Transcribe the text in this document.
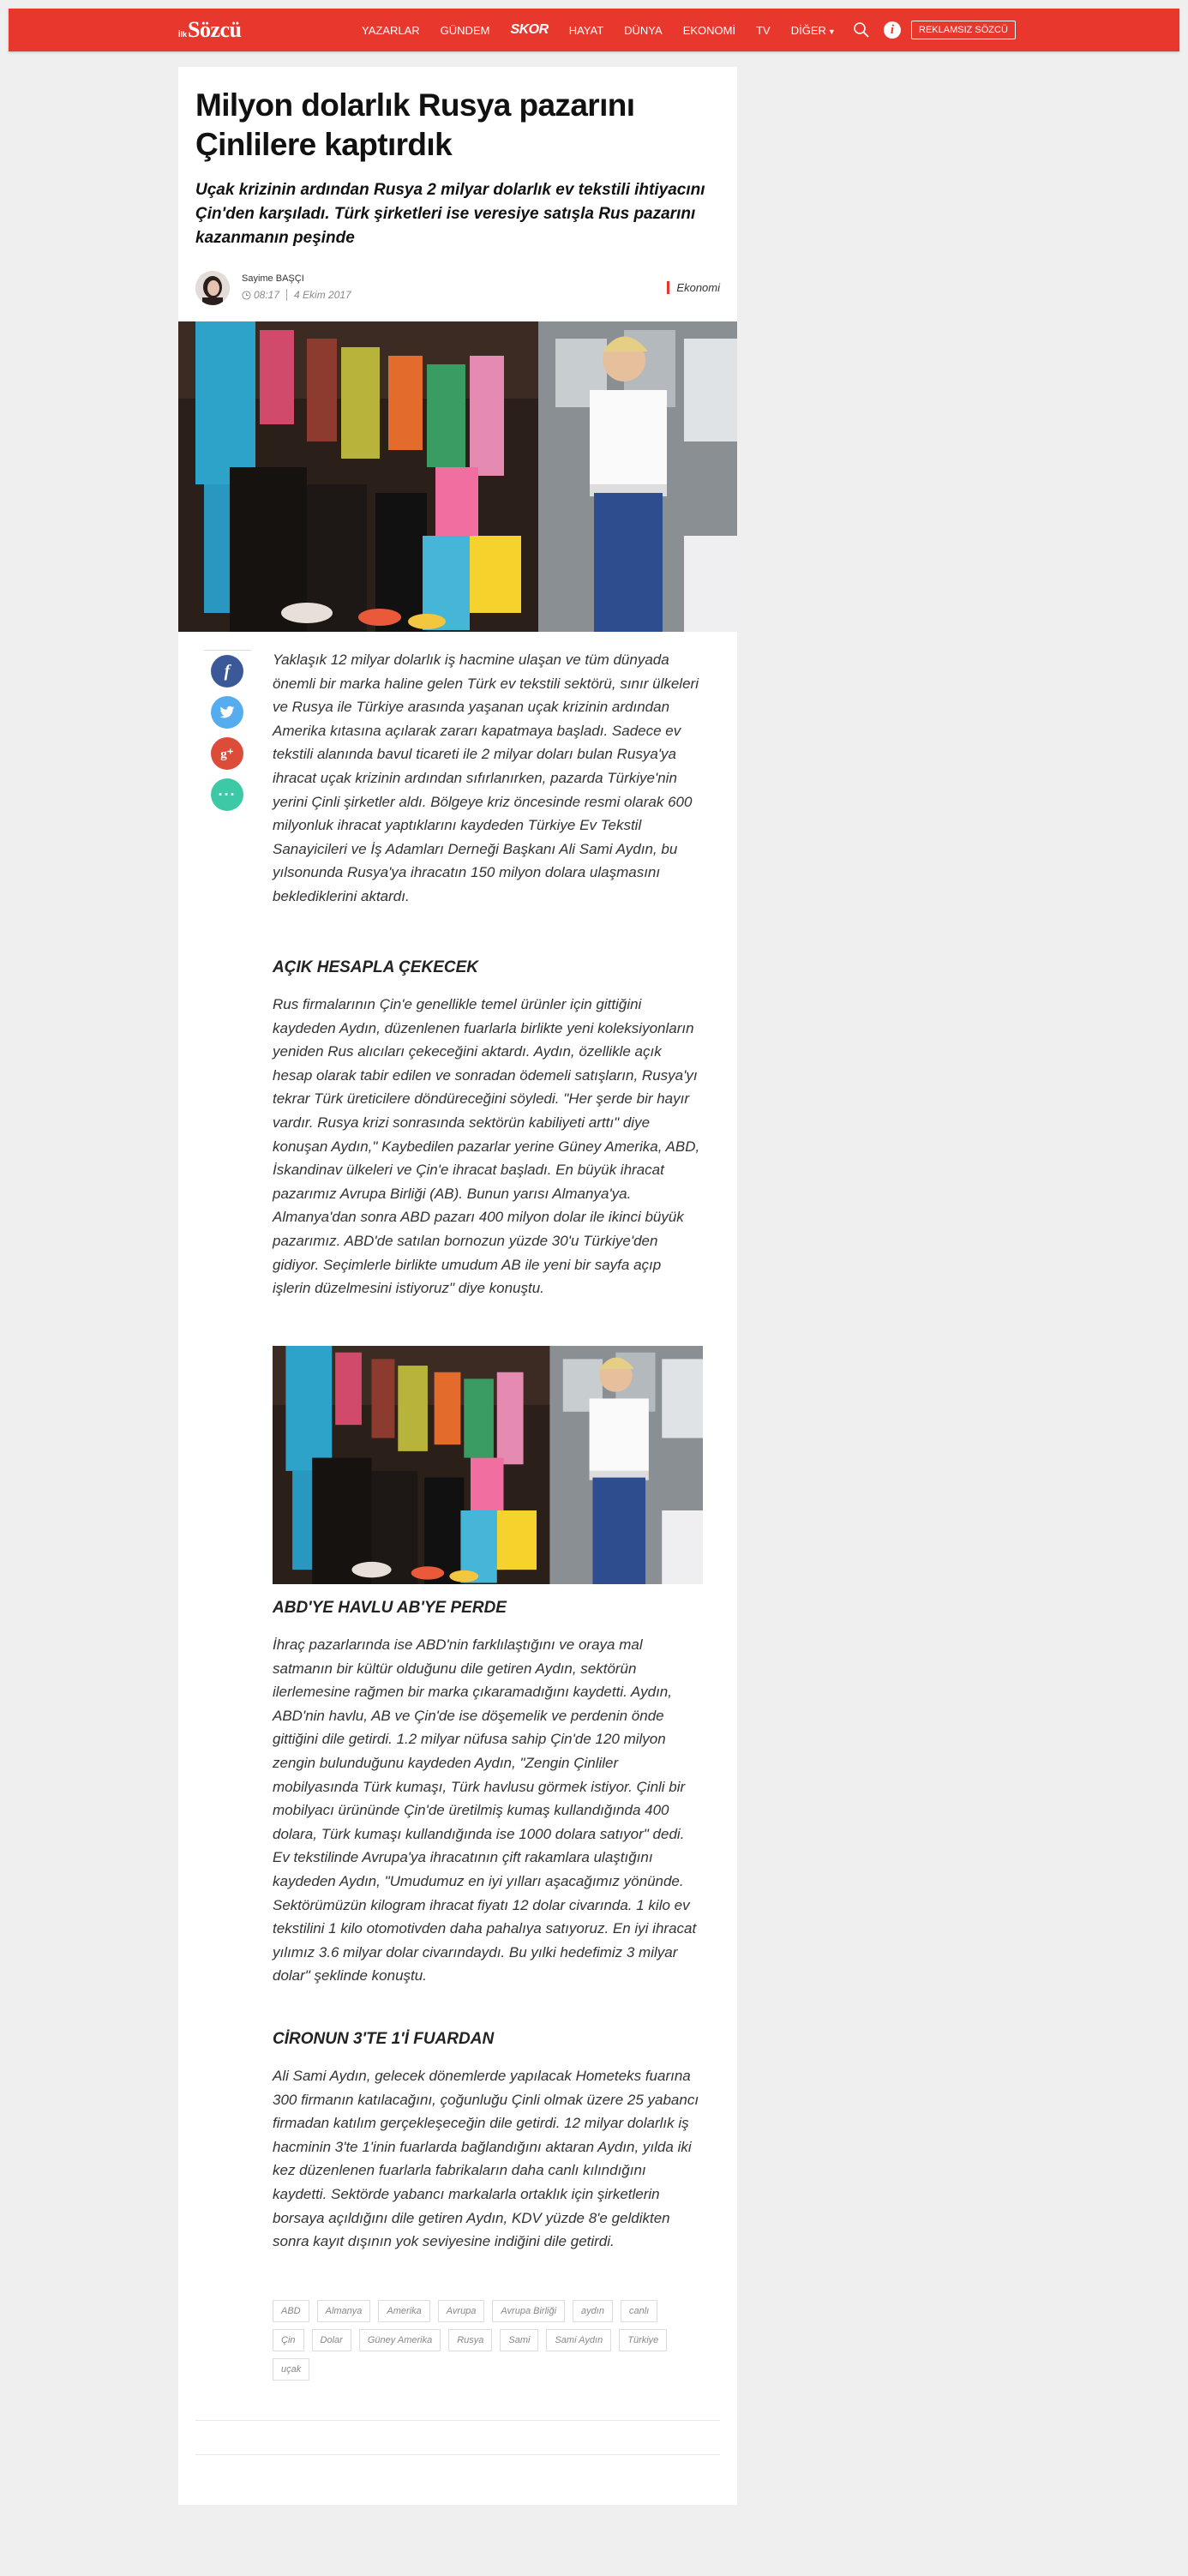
İlk Sözcü	YAZARLAR GÜNDEM SKOR HAYAT DÜNYA EKONOMİ TV DİĞER ▼	i	REKLAMSIZ SÖZCÜ
Milyon dolarlık Rusya pazarını Çinlilere kaptırdık

Uçak krizinin ardından Rusya 2 milyar dolarlık ev tekstili ihtiyacını Çin'den karşıladı. Türk şirketleri ise veresiye satışla Rus pazarını kazanmanın peşinde

Sayime BAŞÇI
08:17 4 Ekim 2017
Ekonomi
f
g⁺
···

Yaklaşık 12 milyar dolarlık iş hacmine ulaşan ve tüm dünyada önemli bir marka haline gelen Türk ev tekstili sektörü, sınır ülkeleri ve Rusya ile Türkiye arasında yaşanan uçak krizinin ardından Amerika kıtasına açılarak zararı kapatmaya başladı. Sadece ev tekstili alanında bavul ticareti ile 2 milyar doları bulan Rusya'ya ihracat uçak krizinin ardından sıfırlanırken, pazarda Türkiye'nin yerini Çinli şirketler aldı. Bölgeye kriz öncesinde resmi olarak 600 milyonluk ihracat yaptıklarını kaydeden Türkiye Ev Tekstil Sanayicileri ve İş Adamları Derneği Başkanı Ali Sami Aydın, bu yılsonunda Rusya'ya ihracatın 150 milyon dolara ulaşmasını beklediklerini aktardı.

AÇIK HESAPLA ÇEKECEK

Rus firmalarının Çin'e genellikle temel ürünler için gittiğini kaydeden Aydın, düzenlenen fuarlarla birlikte yeni koleksiyonların yeniden Rus alıcıları çekeceğini aktardı. Aydın, özellikle açık hesap olarak tabir edilen ve sonradan ödemeli satışların, Rusya'yı tekrar Türk üreticilere döndüreceğini söyledi. "Her şerde bir hayır vardır. Rusya krizi sonrasında sektörün kabiliyeti arttı" diye konuşan Aydın," Kaybedilen pazarlar yerine Güney Amerika, ABD, İskandinav ülkeleri ve Çin'e ihracat başladı. En büyük ihracat pazarımız Avrupa Birliği (AB). Bunun yarısı Almanya'ya. Almanya'dan sonra ABD pazarı 400 milyon dolar ile ikinci büyük pazarımız. ABD'de satılan bornozun yüzde 30'u Türkiye'den gidiyor. Seçimlerle birlikte umudum AB ile yeni bir sayfa açıp işlerin düzelmesini istiyoruz" diye konuştu.

ABD'YE HAVLU AB'YE PERDE

İhraç pazarlarında ise ABD'nin farklılaştığını ve oraya mal satmanın bir kültür olduğunu dile getiren Aydın, sektörün ilerlemesine rağmen bir marka çıkaramadığını kaydetti. Aydın, ABD'nin havlu, AB ve Çin'de ise döşemelik ve perdenin önde gittiğini dile getirdi. 1.2 milyar nüfusa sahip Çin'de 120 milyon zengin bulunduğunu kaydeden Aydın, "Zengin Çinliler mobilyasında Türk kumaşı, Türk havlusu görmek istiyor. Çinli bir mobilyacı ürününde Çin'de üretilmiş kumaş kullandığında 400 dolara, Türk kumaşı kullandığında ise 1000 dolara satıyor" dedi. Ev tekstilinde Avrupa'ya ihracatının çift rakamlara ulaştığını kaydeden Aydın, "Umudumuz en iyi yılları aşacağımız yönünde. Sektörümüzün kilogram ihracat fiyatı 12 dolar civarında. 1 kilo ev tekstilini 1 kilo otomotivden daha pahalıya satıyoruz. En iyi ihracat yılımız 3.6 milyar dolar civarındaydı. Bu yılki hedefimiz 3 milyar dolar" şeklinde konuştu.

CİRONUN 3'TE 1'İ FUARDAN

Ali Sami Aydın, gelecek dönemlerde yapılacak Hometeks fuarına 300 firmanın katılacağını, çoğunluğu Çinli olmak üzere 25 yabancı firmadan katılım gerçekleşeceğin dile getirdi. 12 milyar dolarlık iş hacminin 3'te 1'inin fuarlarda bağlandığını aktaran Aydın, yılda iki kez düzenlenen fuarlarla fabrikaların daha canlı kılındığını kaydetti. Sektörde yabancı markalarla ortaklık için şirketlerin borsaya açıldığını dile getiren Aydın, KDV yüzde 8'e geldikten sonra kayıt dışının yok seviyesine indiğini dile getirdi.

ABD	Almanya	Amerika	Avrupa	Avrupa Birliği	aydın	canlı
Çin	Dolar	Güney Amerika	Rusya	Sami	Sami Aydın	Türkiye
uçak
